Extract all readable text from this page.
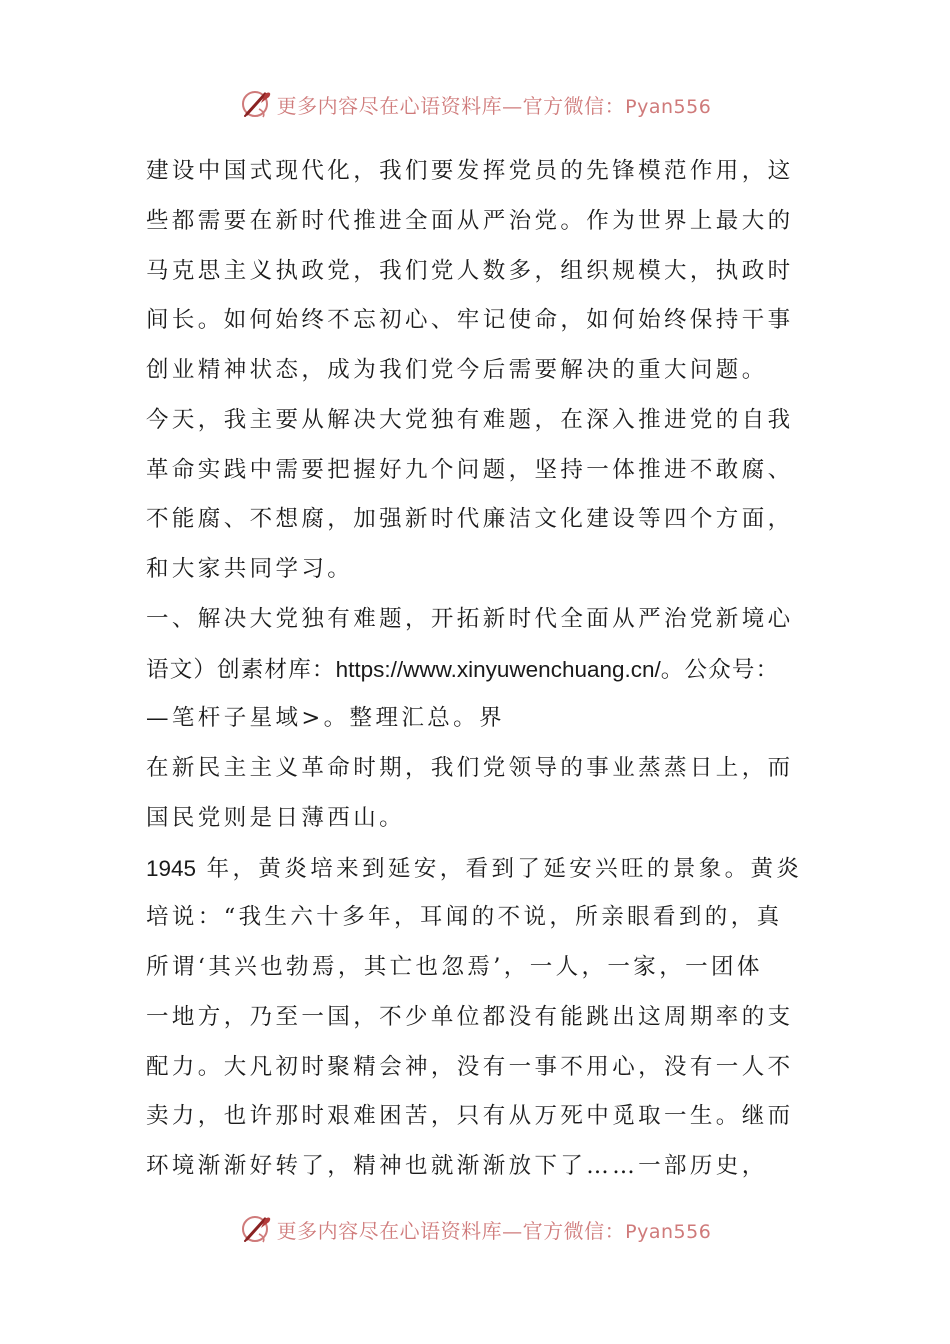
更多内容尽在心语资料库—官方微信：Pyan556
建设中国式现代化，我们要发挥党员的先锋模范作用，这
些都需要在新时代推进全面从严治党。作为世界上最大的
马克思主义执政党，我们党人数多，组织规模大，执政时
间长。如何始终不忘初心、牢记使命，如何始终保持干事
创业精神状态，成为我们党今后需要解决的重大问题。
今天，我主要从解决大党独有难题，在深入推进党的自我
革命实践中需要把握好九个问题，坚持一体推进不敢腐、
不能腐、不想腐，加强新时代廉洁文化建设等四个方面，
和大家共同学习。
一、解决大党独有难题，开拓新时代全面从严治党新境心
语文）创素材库：https://www.xinyuwenchuang.cn/。公众号：
—笔杆子星域>。整理汇总。界
在新民主主义革命时期，我们党领导的事业蒸蒸日上，而
国民党则是日薄西山。
1945 年，黄炎培来到延安，看到了延安兴旺的景象。黄炎
培说：“我生六十多年，耳闻的不说，所亲眼看到的，真
所谓‘其兴也勃焉，其亡也忽焉’，一人，一家，一团体
一地方，乃至一国，不少单位都没有能跳出这周期率的支
配力。大凡初时聚精会神，没有一事不用心，没有一人不
卖力，也许那时艰难困苦，只有从万死中觅取一生。继而
环境渐渐好转了，精神也就渐渐放下了……一部历史，
更多内容尽在心语资料库—官方微信：Pyan556
